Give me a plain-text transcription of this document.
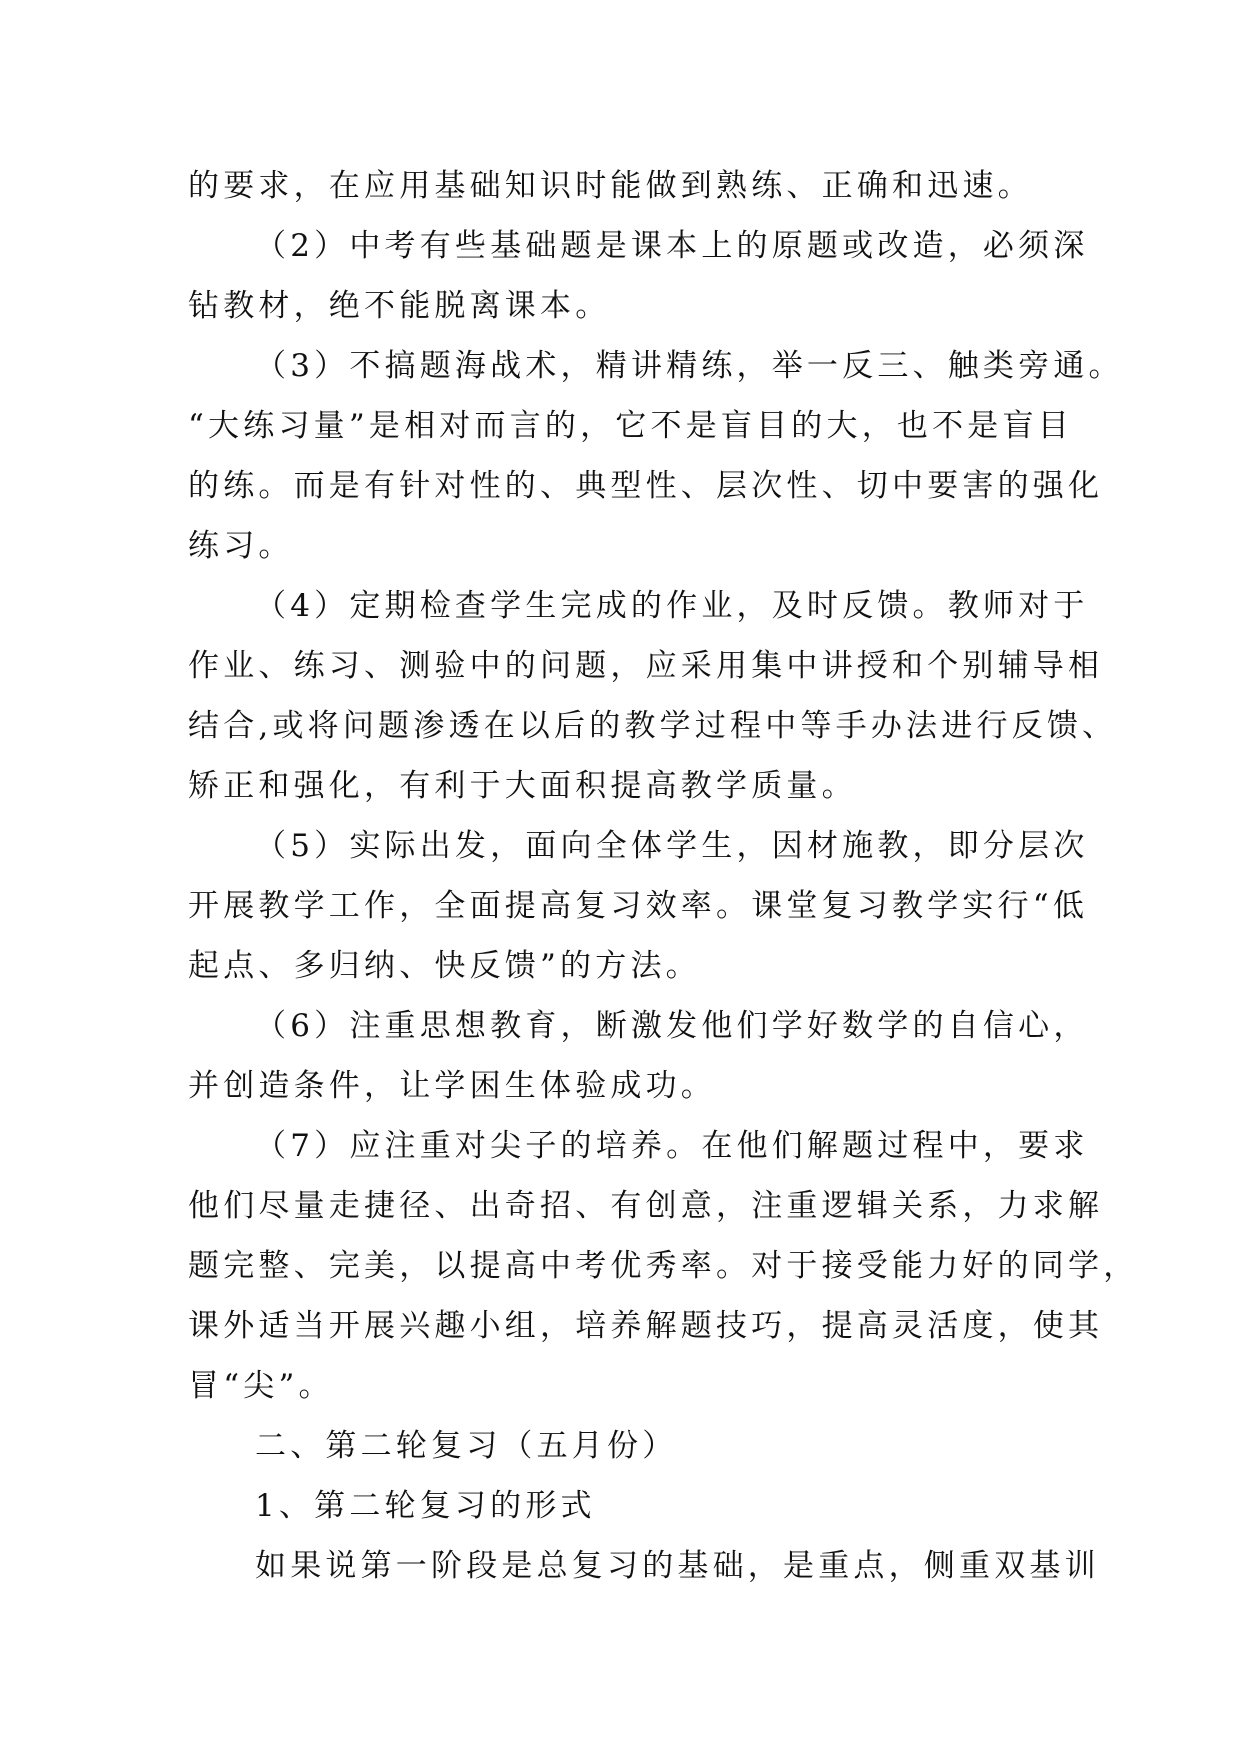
的要求，在应用基础知识时能做到熟练、正确和迅速。
（2）中考有些基础题是课本上的原题或改造，必须深
钻教材，绝不能脱离课本。
（3）不搞题海战术，精讲精练，举一反三、触类旁通。
“大练习量”是相对而言的，它不是盲目的大，也不是盲目
的练。而是有针对性的、典型性、层次性、切中要害的强化
练习。
（4）定期检查学生完成的作业，及时反馈。教师对于
作业、练习、测验中的问题，应采用集中讲授和个别辅导相
结合,或将问题渗透在以后的教学过程中等手办法进行反馈、
矫正和强化，有利于大面积提高教学质量。
（5）实际出发，面向全体学生，因材施教，即分层次
开展教学工作，全面提高复习效率。课堂复习教学实行“低
起点、多归纳、快反馈”的方法。
（6）注重思想教育，断激发他们学好数学的自信心，
并创造条件，让学困生体验成功。
（7）应注重对尖子的培养。在他们解题过程中，要求
他们尽量走捷径、出奇招、有创意，注重逻辑关系，力求解
题完整、完美，以提高中考优秀率。对于接受能力好的同学，
课外适当开展兴趣小组，培养解题技巧，提高灵活度，使其
冒“尖”。
二、第二轮复习（五月份）
1、第二轮复习的形式
如果说第一阶段是总复习的基础，是重点，侧重双基训
